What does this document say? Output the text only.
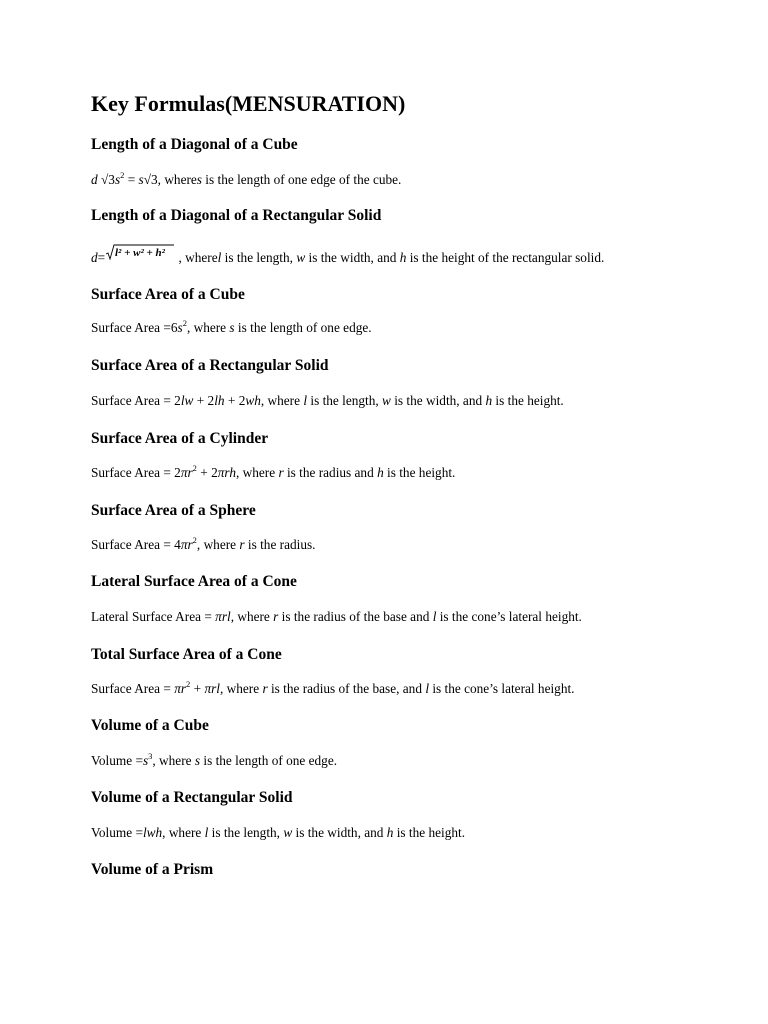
Key Formulas(MENSURATION)
Length of a Diagonal of a Cube

d $√3s^2 = s√3$, wheres is the length of one edge of the cube.

Length of a Diagonal of a Rectangular Solid

d= l² + w² + h² , wherel is the length, w is the width, and h is the height of the rectangular solid.

Surface Area of a Cube

Surface Area $=6s^2$, where s is the length of one edge.

Surface Area of a Rectangular Solid

Surface Area = 2lw + 2lh + 2wh, where l is the length, w is the width, and h is the height.

Surface Area of a Cylinder

Surface Area = $2\pi r^2 + 2\pi rh$, where r is the radius and h is the height.

Surface Area of a Sphere

Surface Area = $4\pi r^2$, where r is the radius.

Lateral Surface Area of a Cone

Lateral Surface Area = πrl, where r is the radius of the base and l is the cone’s lateral height.

Total Surface Area of a Cone

Surface Area = $\pi r^2 + \pi rl$, where r is the radius of the base, and l is the cone’s lateral height.

Volume of a Cube

Volume $=s^3$, where s is the length of one edge.

Volume of a Rectangular Solid

Volume =lwh, where l is the length, w is the width, and h is the height.

Volume of a Prism
